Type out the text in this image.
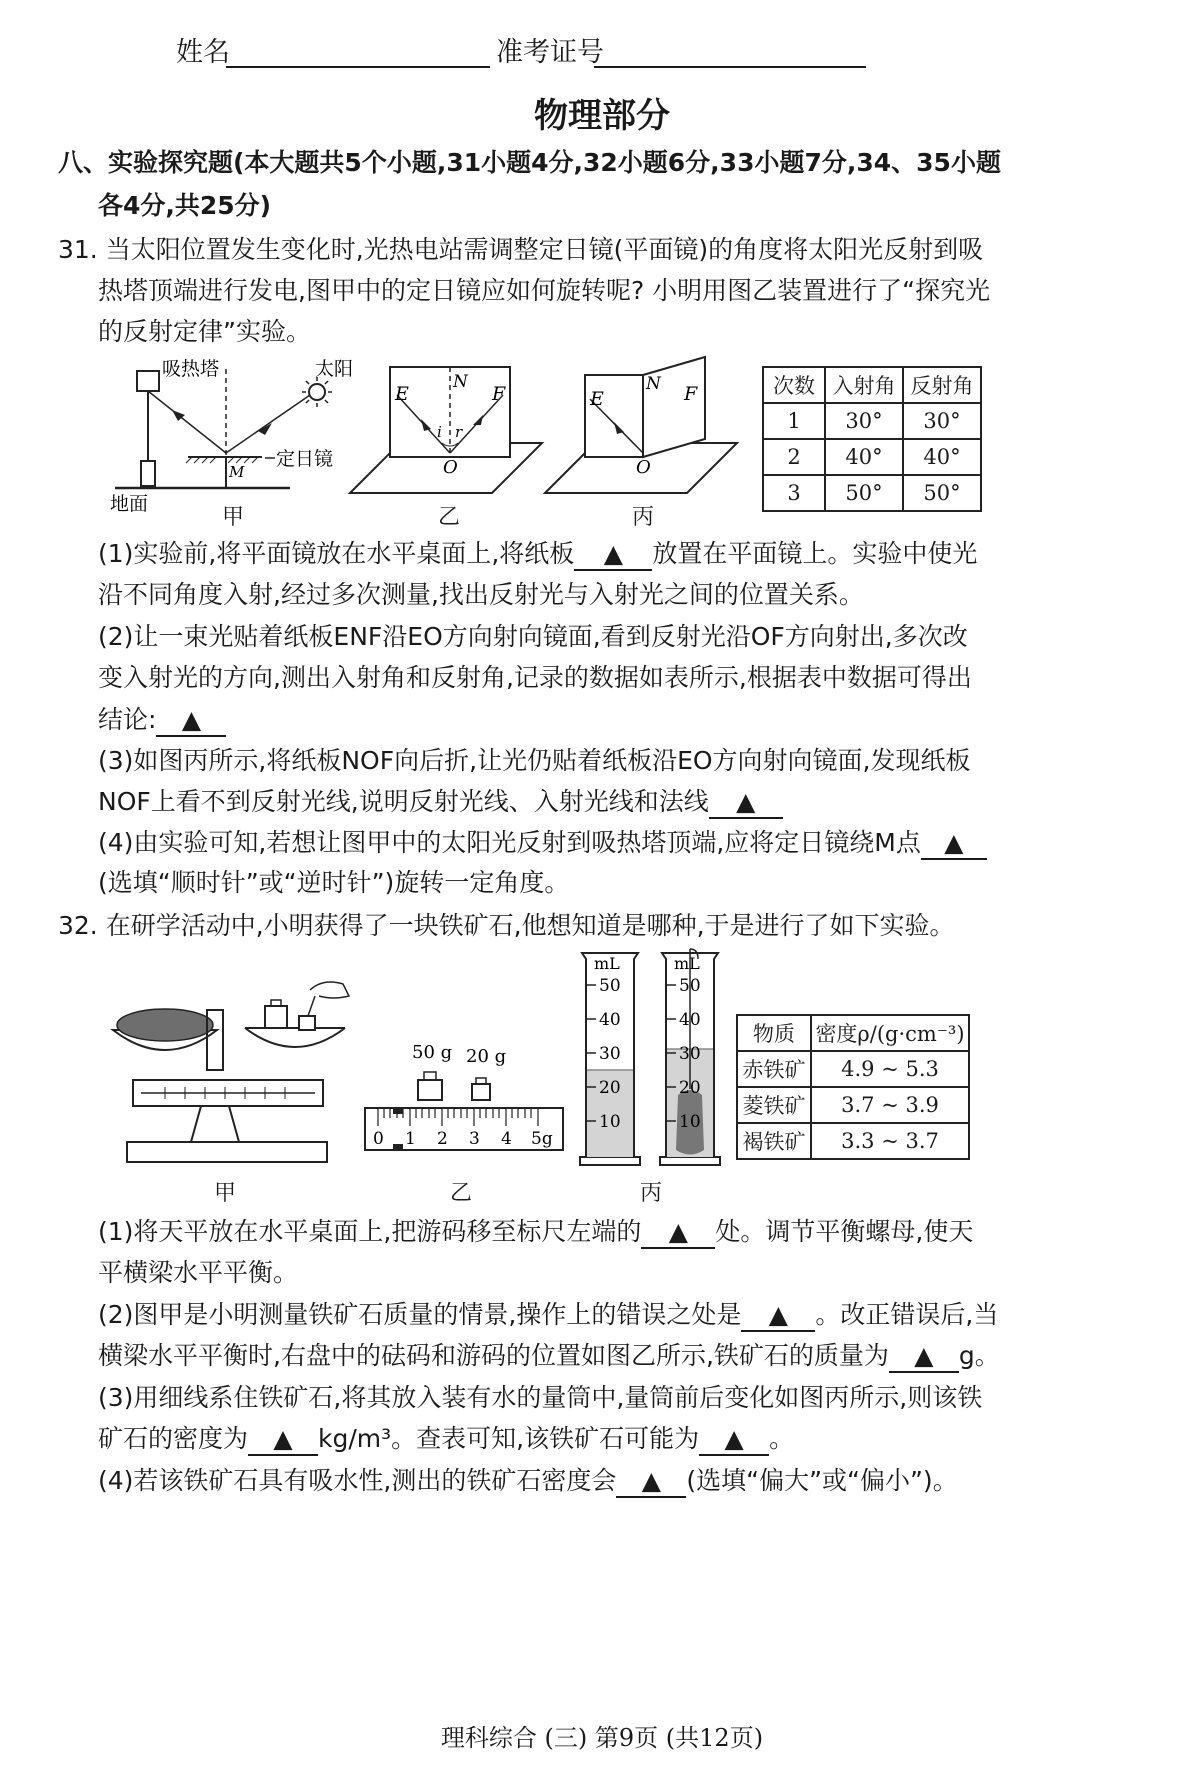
姓名	准考证号
物理部分
八、实验探究题(本大题共5个小题,31小题4分,32小题6分,33小题7分,34、35小题
各4分,共25分)
31. 当太阳位置发生变化时,光热电站需调整定日镜(平面镜)的角度将太阳光反射到吸
热塔顶端进行发电,图甲中的定日镜应如何旋转呢? 小明用图乙装置进行了“探究光
的反射定律”实验。
吸热塔	太阳
定日镜
地面
M
甲
E
N
F
i r
O
乙
E
N F
O
丙
次数	入射角	反射角
1	30°	30°
2	40°	40°
3	50°	50°
(1)实验前,将平面镜放在水平桌面上,将纸板 ▲ 放置在平面镜上。实验中使光
沿不同角度入射,经过多次测量,找出反射光与入射光之间的位置关系。
(2)让一束光贴着纸板ENF沿EO方向射向镜面,看到反射光沿OF方向射出,多次改
变入射光的方向,测出入射角和反射角,记录的数据如表所示,根据表中数据可得出
结论: ▲
(3)如图丙所示,将纸板NOF向后折,让光仍贴着纸板沿EO方向射向镜面,发现纸板
NOF上看不到反射光线,说明反射光线、入射光线和法线 ▲
(4)由实验可知,若想让图甲中的太阳光反射到吸热塔顶端,应将定日镜绕M点 ▲
(选填“顺时针”或“逆时针”)旋转一定角度。
32. 在研学活动中,小明获得了一块铁矿石,他想知道是哪种,于是进行了如下实验。
50 g 20 g
0 1 2 3 4 5g
mL
50
40
30
20
10
mL
50
40
30
20
10
物质	密度ρ/(g·cm⁻³)
赤铁矿	4.9 ~ 5.3
菱铁矿	3.7 ~ 3.9
褐铁矿	3.3 ~ 3.7
甲	乙	丙
(1)将天平放在水平桌面上,把游码移至标尺左端的 ▲ 处。调节平衡螺母,使天
平横梁水平平衡。
(2)图甲是小明测量铁矿石质量的情景,操作上的错误之处是 ▲ 。改正错误后,当
横梁水平平衡时,右盘中的砝码和游码的位置如图乙所示,铁矿石的质量为 ▲ g。
(3)用细线系住铁矿石,将其放入装有水的量筒中,量筒前后变化如图丙所示,则该铁
矿石的密度为 ▲ kg/m³。查表可知,该铁矿石可能为 ▲ 。
(4)若该铁矿石具有吸水性,测出的铁矿石密度会 ▲ (选填“偏大”或“偏小”)。
理科综合 (三) 第9页 (共12页)
